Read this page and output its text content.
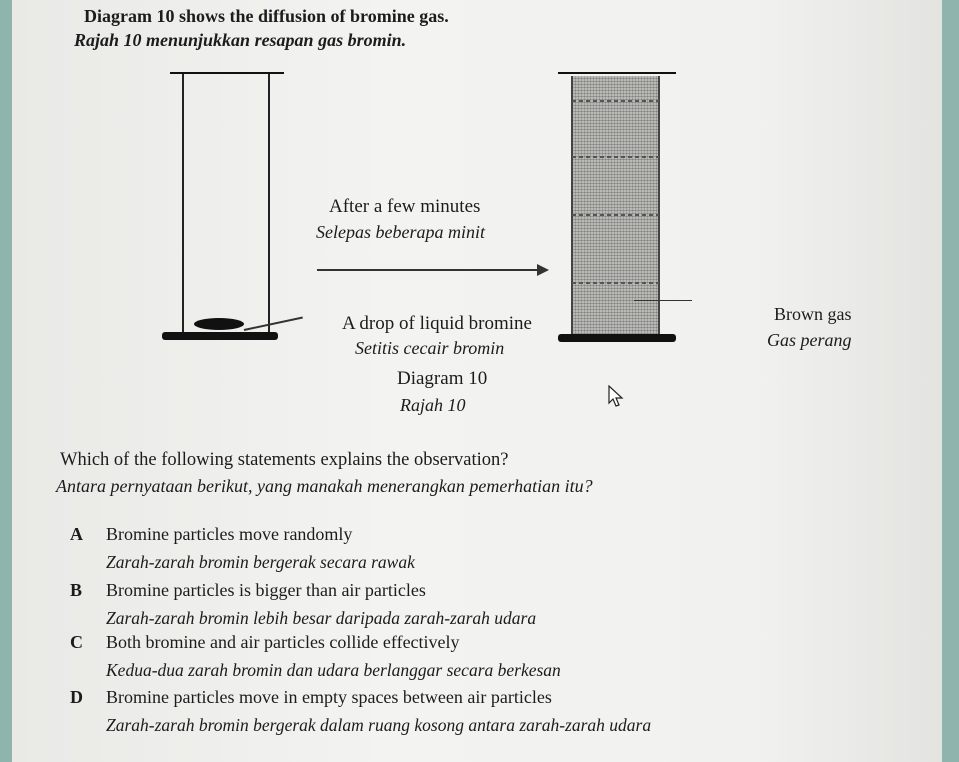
Diagram 10 shows the diffusion of bromine gas.
Rajah 10 menunjukkan resapan gas bromin.
After a few minutes
Selepas beberapa minit
A drop of liquid bromine
Setitis cecair bromin
Brown gas
Gas perang
Diagram 10
Rajah 10
Which of the following statements explains the observation?
Antara pernyataan berikut, yang manakah menerangkan pemerhatian itu?
A Bromine particles move randomly
Zarah-zarah bromin bergerak secara rawak
B Bromine particles is bigger than air particles
Zarah-zarah bromin lebih besar daripada zarah-zarah udara
C Both bromine and air particles collide effectively
Kedua-dua zarah bromin dan udara berlanggar secara berkesan
D Bromine particles move in empty spaces between air particles
Zarah-zarah bromin bergerak dalam ruang kosong antara zarah-zarah udara
